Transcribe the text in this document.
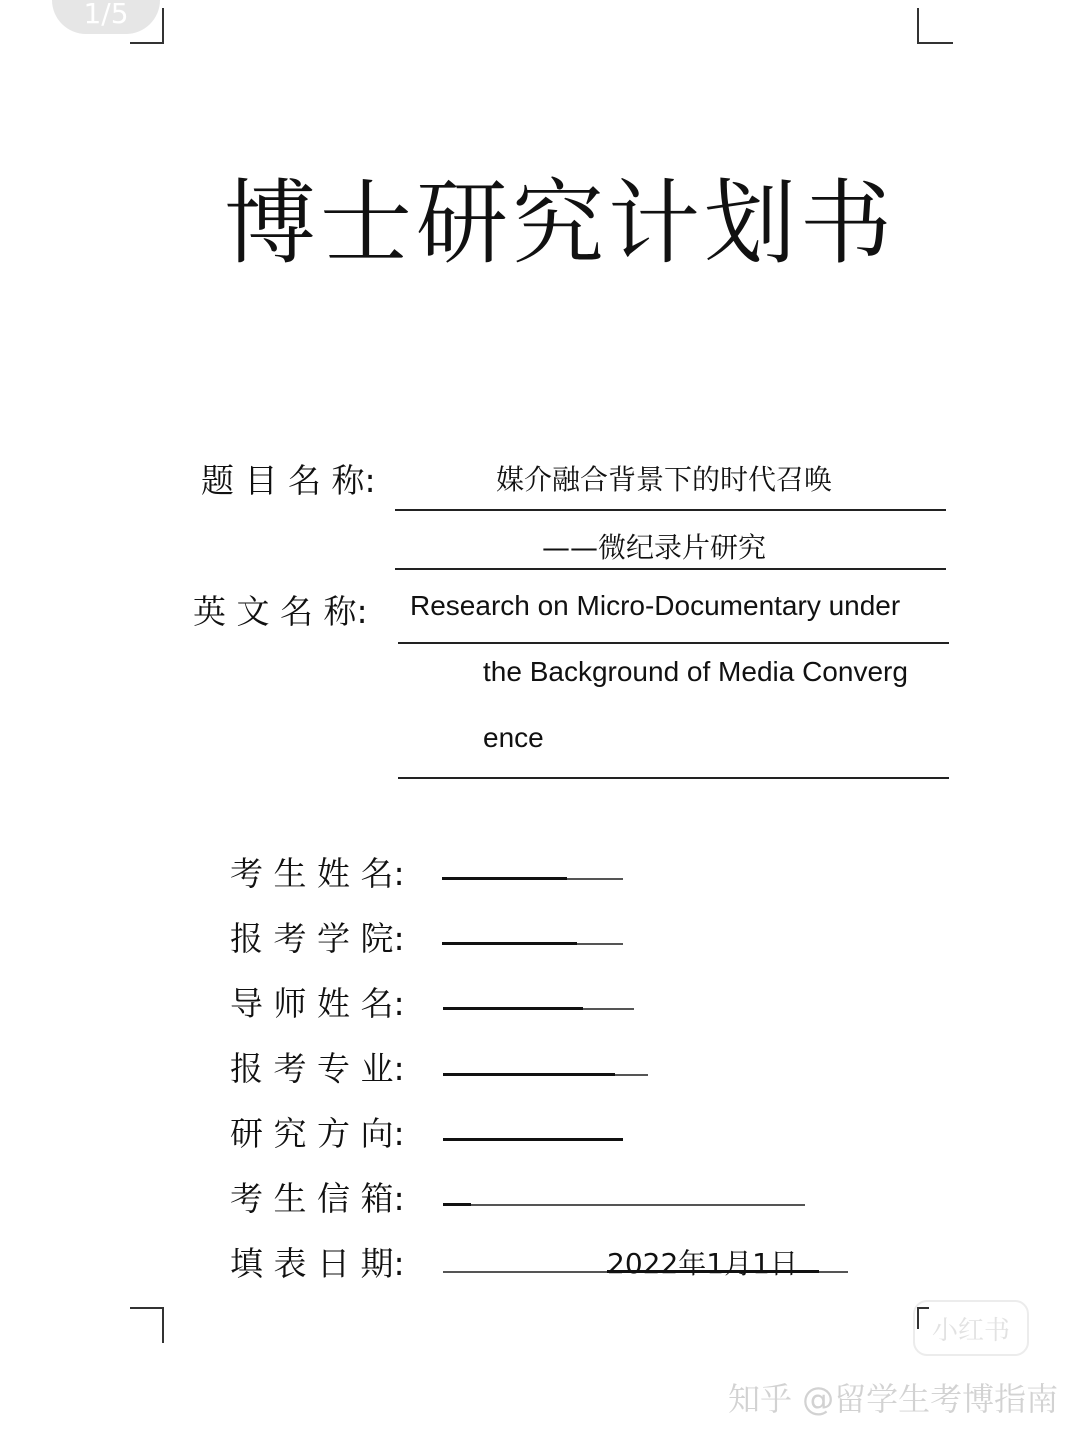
1/5
博士研究计划书
题 目 名 称:	媒介融合背景下的时代召唤
——微纪录片研究
英 文 名 称: Research on Micro-Documentary under
the Background of Media Converg
ence
考 生 姓 名:
报 考 学 院:
导 师 姓 名:
报 考 专 业:
研 究 方 向:
考 生 信 箱:
填 表 日 期:	2022年1月1日
小红书
知乎 @留学生考博指南
